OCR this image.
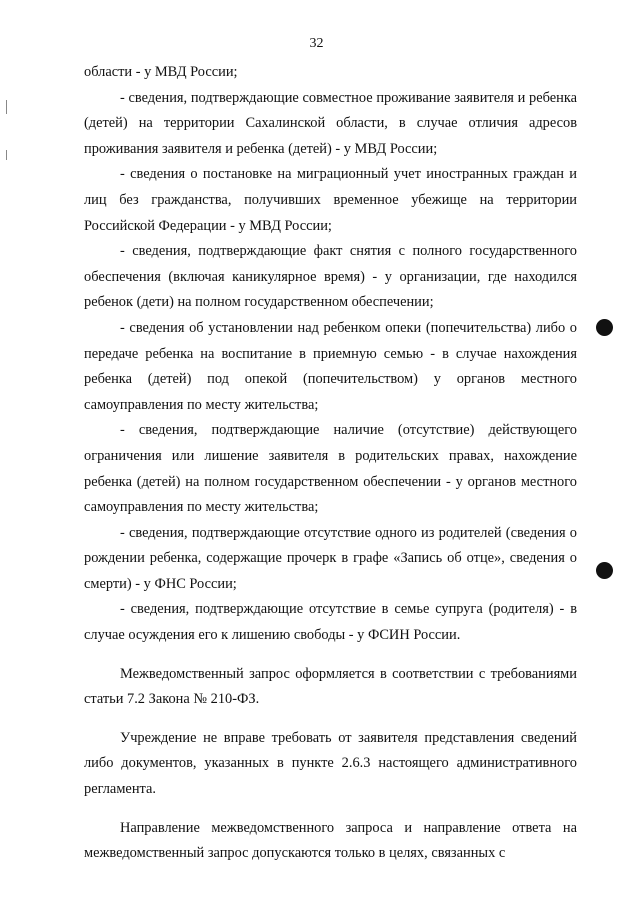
32

области - у МВД России;

- сведения, подтверждающие совместное проживание заявителя и ребенка (детей) на территории Сахалинской области, в случае отличия адресов проживания заявителя и ребенка (детей) - у МВД России;

- сведения о постановке на миграционный учет иностранных граждан и лиц без гражданства, получивших временное убежище на территории Российской Федерации - у МВД России;

- сведения, подтверждающие факт снятия с полного государственного обеспечения (включая каникулярное время) - у организации, где находился ребенок (дети) на полном государственном обеспечении;

- сведения об установлении над ребенком опеки (попечительства) либо о передаче ребенка на воспитание в приемную семью - в случае нахождения ребенка (детей) под опекой (попечительством) у органов местного самоуправления по месту жительства;

- сведения, подтверждающие наличие (отсутствие) действующего ограничения или лишение заявителя в родительских правах, нахождение ребенка (детей) на полном государственном обеспечении - у органов местного самоуправления по месту жительства;

- сведения, подтверждающие отсутствие одного из родителей (сведения о рождении ребенка, содержащие прочерк в графе «Запись об отце», сведения о смерти) - у ФНС России;

- сведения, подтверждающие отсутствие в семье супруга (родителя) - в случае осуждения его к лишению свободы - у ФСИН России.

Межведомственный запрос оформляется в соответствии с требованиями статьи 7.2 Закона № 210-ФЗ.

Учреждение не вправе требовать от заявителя представления сведений либо документов, указанных в пункте 2.6.3 настоящего административного регламента.

Направление межведомственного запроса и направление ответа на межведомственный запрос допускаются только в целях, связанных с
